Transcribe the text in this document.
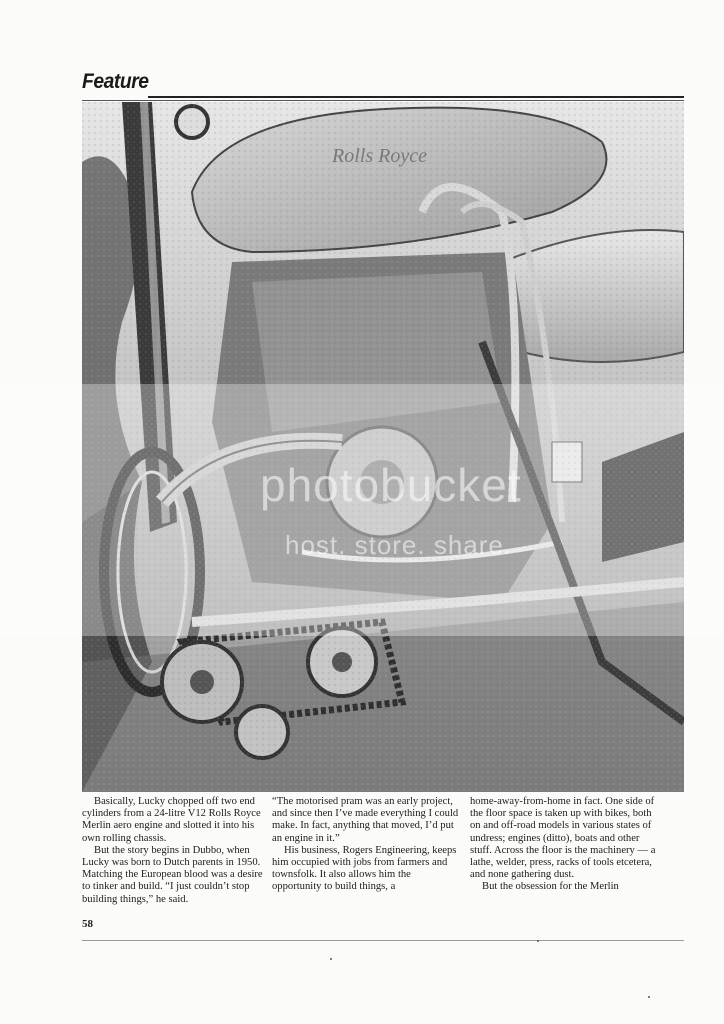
Feature
photobucket
host. store. share.

Basically, Lucky chopped off two end cylinders from a 24-litre V12 Rolls Royce Merlin aero engine and slotted it into his own rolling chassis.

But the story begins in Dubbo, when Lucky was born to Dutch parents in 1950. Matching the European blood was a desire to tinker and build. “I just couldn’t stop building things,” he said.

“The motorised pram was an early project, and since then I’ve made everything I could make. In fact, anything that moved, I’d put an engine in it.”

His business, Rogers Engineering, keeps him occupied with jobs from farmers and townsfolk. It also allows him the opportunity to build things, a

home-away-from-home in fact. One side of the floor space is taken up with bikes, both on and off-road models in various states of undress; engines (ditto), boats and other stuff. Across the floor is the machinery — a lathe, welder, press, racks of tools etcetera, and none gathering dust.

But the obsession for the Merlin

58
